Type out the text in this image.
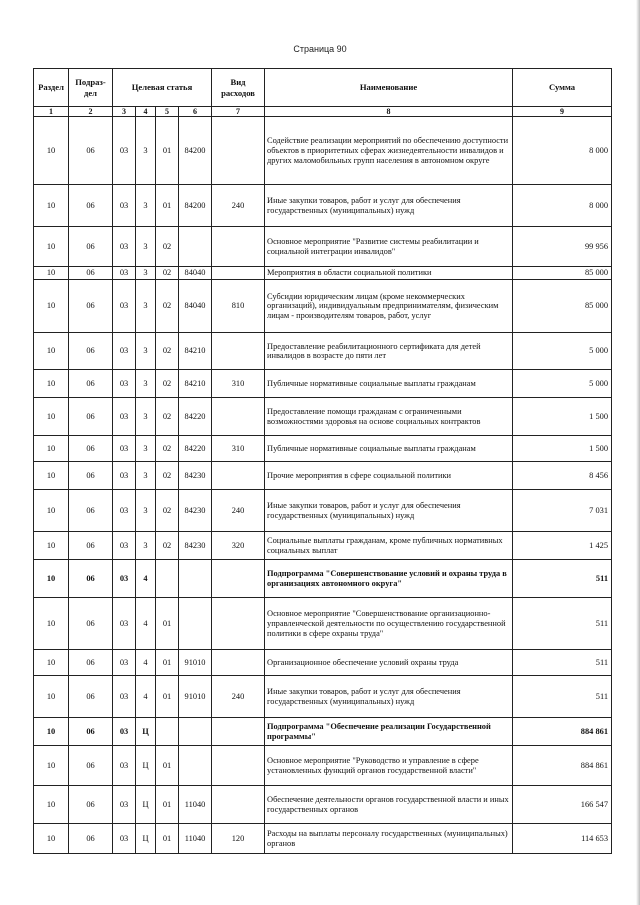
Страница 90
Раздел	Подраз-дел	Целевая статья				Вид расходов	Наименование	Сумма
1	2	3	4	5	6	7	8	9
10	06	03	3	01	84200		Содействие реализации мероприятий по обеспечению доступности объектов в приоритетных сферах жизнедеятельности инвалидов и других маломобильных групп населения в автономном округе	8 000
10	06	03	3	01	84200	240	Иные закупки товаров, работ и услуг для обеспечения государственных (муниципальных) нужд	8 000
10	06	03	3	02			Основное мероприятие "Развитие системы реабилитации и социальной интеграции инвалидов"	99 956
10	06	03	3	02	84040		Мероприятия в области социальной политики	85 000
10	06	03	3	02	84040	810	Субсидии юридическим лицам (кроме некоммерческих организаций), индивидуальным предпринимателям, физическим лицам - производителям товаров, работ, услуг	85 000
10	06	03	3	02	84210		Предоставление реабилитационного сертификата для детей инвалидов в возрасте до пяти лет	5 000
10	06	03	3	02	84210	310	Публичные нормативные социальные выплаты гражданам	5 000
10	06	03	3	02	84220		Предоставление помощи гражданам с ограниченными возможностями здоровья на основе социальных контрактов	1 500
10	06	03	3	02	84220	310	Публичные нормативные социальные выплаты гражданам	1 500
10	06	03	3	02	84230		Прочие мероприятия в сфере социальной политики	8 456
10	06	03	3	02	84230	240	Иные закупки товаров, работ и услуг для обеспечения государственных (муниципальных) нужд	7 031
10	06	03	3	02	84230	320	Социальные выплаты гражданам, кроме публичных нормативных социальных выплат	1 425
10	06	03	4				Подпрограмма "Совершенствование условий и охраны труда в организациях автономного округа"	511
10	06	03	4	01			Основное мероприятие "Совершенствование организационно-управленческой деятельности по осуществлению государственной политики в сфере охраны труда"	511
10	06	03	4	01	91010		Организационное обеспечение условий охраны труда	511
10	06	03	4	01	91010	240	Иные закупки товаров, работ и услуг для обеспечения государственных (муниципальных) нужд	511
10	06	03	Ц				Подпрограмма "Обеспечение реализации Государственной программы"	884 861
10	06	03	Ц	01			Основное мероприятие "Руководство и управление в сфере установленных функций органов государственной власти"	884 861
10	06	03	Ц	01	11040		Обеспечение деятельности органов государственной власти и иных государственных органов	166 547
10	06	03	Ц	01	11040	120	Расходы на выплаты персоналу государственных (муниципальных) органов	114 653
